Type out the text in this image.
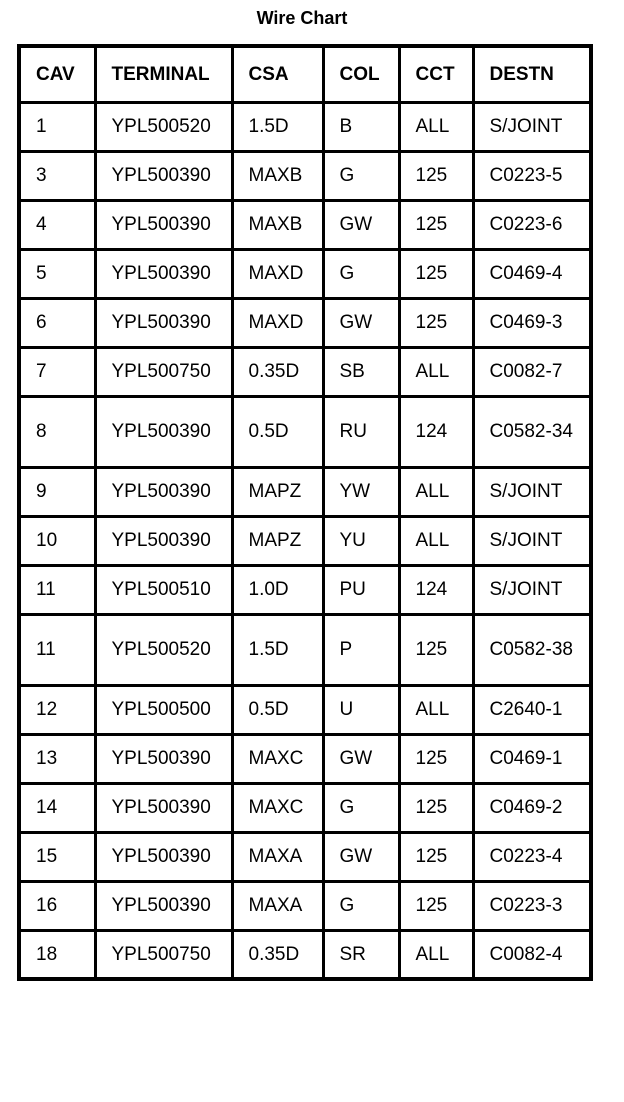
Wire Chart
CAV	TERMINAL	CSA	COL	CCT	DESTN
1	YPL500520	1.5D	B	ALL	S/JOINT
3	YPL500390	MAXB	G	125	C0223-5
4	YPL500390	MAXB	GW	125	C0223-6
5	YPL500390	MAXD	G	125	C0469-4
6	YPL500390	MAXD	GW	125	C0469-3
7	YPL500750	0.35D	SB	ALL	C0082-7
8	YPL500390	0.5D	RU	124	C0582-34
9	YPL500390	MAPZ	YW	ALL	S/JOINT
10	YPL500390	MAPZ	YU	ALL	S/JOINT
11	YPL500510	1.0D	PU	124	S/JOINT
11	YPL500520	1.5D	P	125	C0582-38
12	YPL500500	0.5D	U	ALL	C2640-1
13	YPL500390	MAXC	GW	125	C0469-1
14	YPL500390	MAXC	G	125	C0469-2
15	YPL500390	MAXA	GW	125	C0223-4
16	YPL500390	MAXA	G	125	C0223-3
18	YPL500750	0.35D	SR	ALL	C0082-4
